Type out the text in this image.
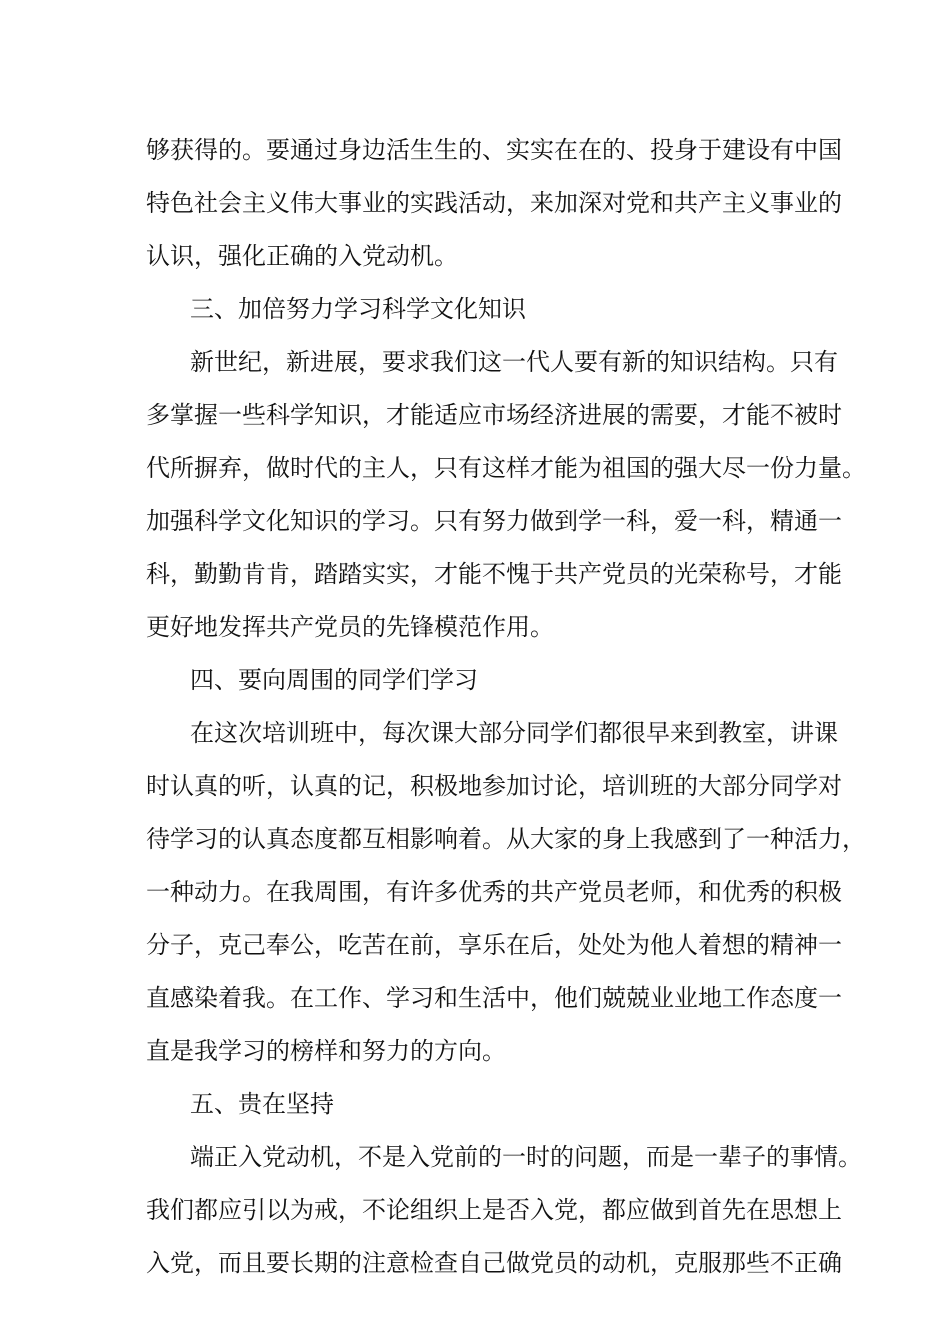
够获得的。要通过身边活生生的、实实在在的、投身于建设有中国
特色社会主义伟大事业的实践活动，来加深对党和共产主义事业的
认识，强化正确的入党动机。
三、加倍努力学习科学文化知识
新世纪，新进展，要求我们这一代人要有新的知识结构。只有
多掌握一些科学知识，才能适应市场经济进展的需要，才能不被时
代所摒弃，做时代的主人，只有这样才能为祖国的强大尽一份力量。
加强科学文化知识的学习。只有努力做到学一科，爱一科，精通一
科，勤勤肯肯，踏踏实实，才能不愧于共产党员的光荣称号，才能
更好地发挥共产党员的先锋模范作用。
四、要向周围的同学们学习
在这次培训班中，每次课大部分同学们都很早来到教室，讲课
时认真的听，认真的记，积极地参加讨论，培训班的大部分同学对
待学习的认真态度都互相影响着。从大家的身上我感到了一种活力，
一种动力。在我周围，有许多优秀的共产党员老师，和优秀的积极
分子，克己奉公，吃苦在前，享乐在后，处处为他人着想的精神一
直感染着我。在工作、学习和生活中，他们兢兢业业地工作态度一
直是我学习的榜样和努力的方向。
五、贵在坚持
端正入党动机，不是入党前的一时的问题，而是一辈子的事情。
我们都应引以为戒，不论组织上是否入党，都应做到首先在思想上
入党，而且要长期的注意检查自己做党员的动机，克服那些不正确
